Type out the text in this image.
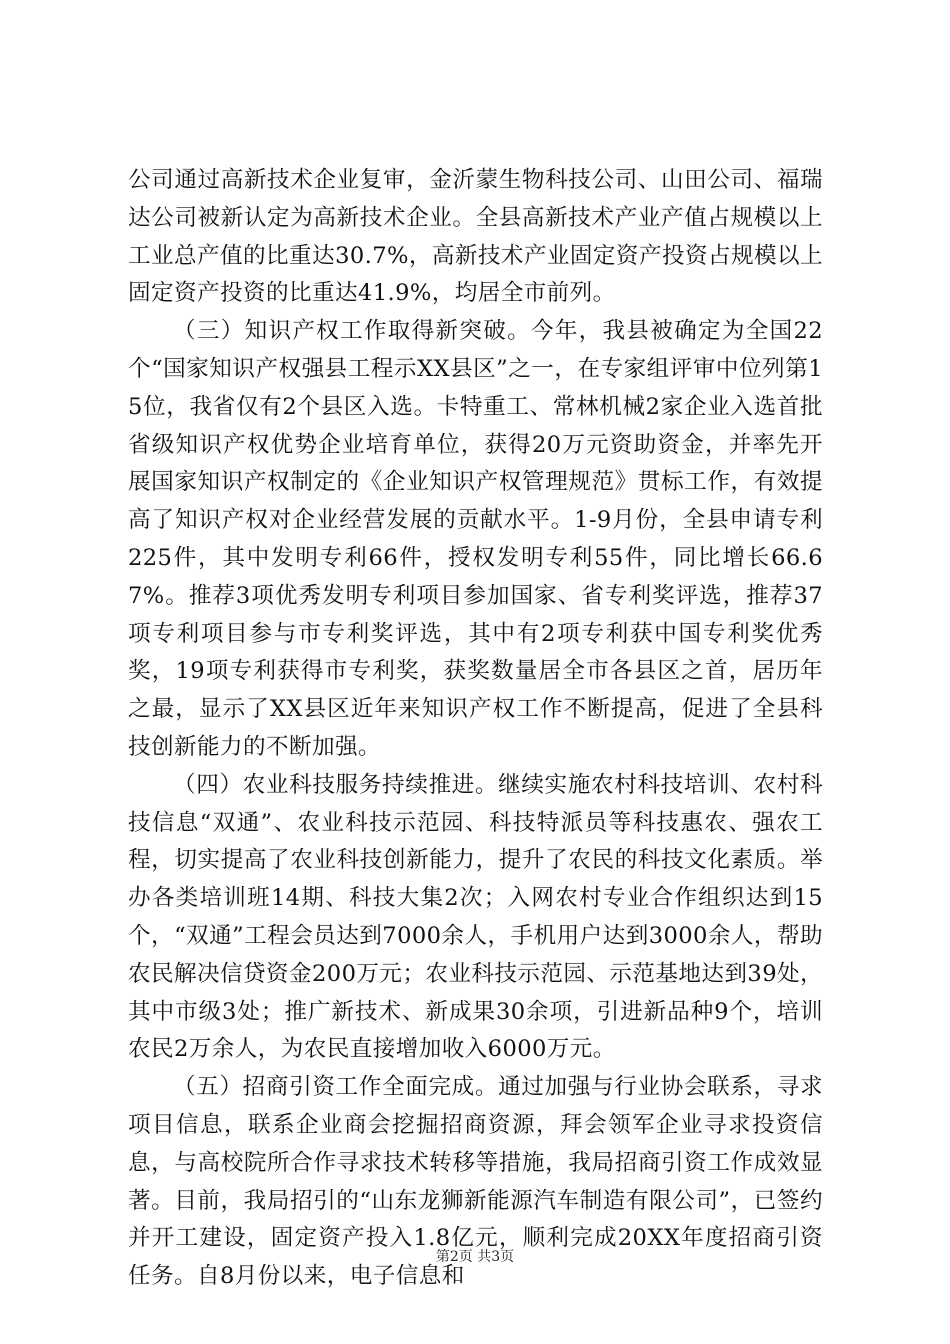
公司通过高新技术企业复审，金沂蒙生物科技公司、山田公司、福瑞达公司被新认定为高新技术企业。全县高新技术产业产值占规模以上工业总产值的比重达30.7%，高新技术产业固定资产投资占规模以上固定资产投资的比重达41.9%，均居全市前列。

（三）知识产权工作取得新突破。今年，我县被确定为全国22个“国家知识产权强县工程示XX县区”之一，在专家组评审中位列第15位，我省仅有2个县区入选。卡特重工、常林机械2家企业入选首批省级知识产权优势企业培育单位，获得20万元资助资金，并率先开展国家知识产权制定的《企业知识产权管理规范》贯标工作，有效提高了知识产权对企业经营发展的贡献水平。1-9月份，全县申请专利225件，其中发明专利66件，授权发明专利55件，同比增长66.67%。推荐3项优秀发明专利项目参加国家、省专利奖评选，推荐37项专利项目参与市专利奖评选，其中有2项专利获中国专利奖优秀奖，19项专利获得市专利奖，获奖数量居全市各县区之首，居历年之最，显示了XX县区近年来知识产权工作不断提高，促进了全县科技创新能力的不断加强。

（四）农业科技服务持续推进。继续实施农村科技培训、农村科技信息“双通”、农业科技示范园、科技特派员等科技惠农、强农工程，切实提高了农业科技创新能力，提升了农民的科技文化素质。举办各类培训班14期、科技大集2次；入网农村专业合作组织达到15个，“双通”工程会员达到7000余人，手机用户达到3000余人，帮助农民解决信贷资金200万元；农业科技示范园、示范基地达到39处，其中市级3处；推广新技术、新成果30余项，引进新品种9个，培训农民2万余人，为农民直接增加收入6000万元。

（五）招商引资工作全面完成。通过加强与行业协会联系，寻求项目信息，联系企业商会挖掘招商资源，拜会领军企业寻求投资信息，与高校院所合作寻求技术转移等措施，我局招商引资工作成效显著。目前，我局招引的“山东龙狮新能源汽车制造有限公司”，已签约并开工建设，固定资产投入1.8亿元，顺利完成20XX年度招商引资任务。自8月份以来，电子信息和

第2页 共3页
